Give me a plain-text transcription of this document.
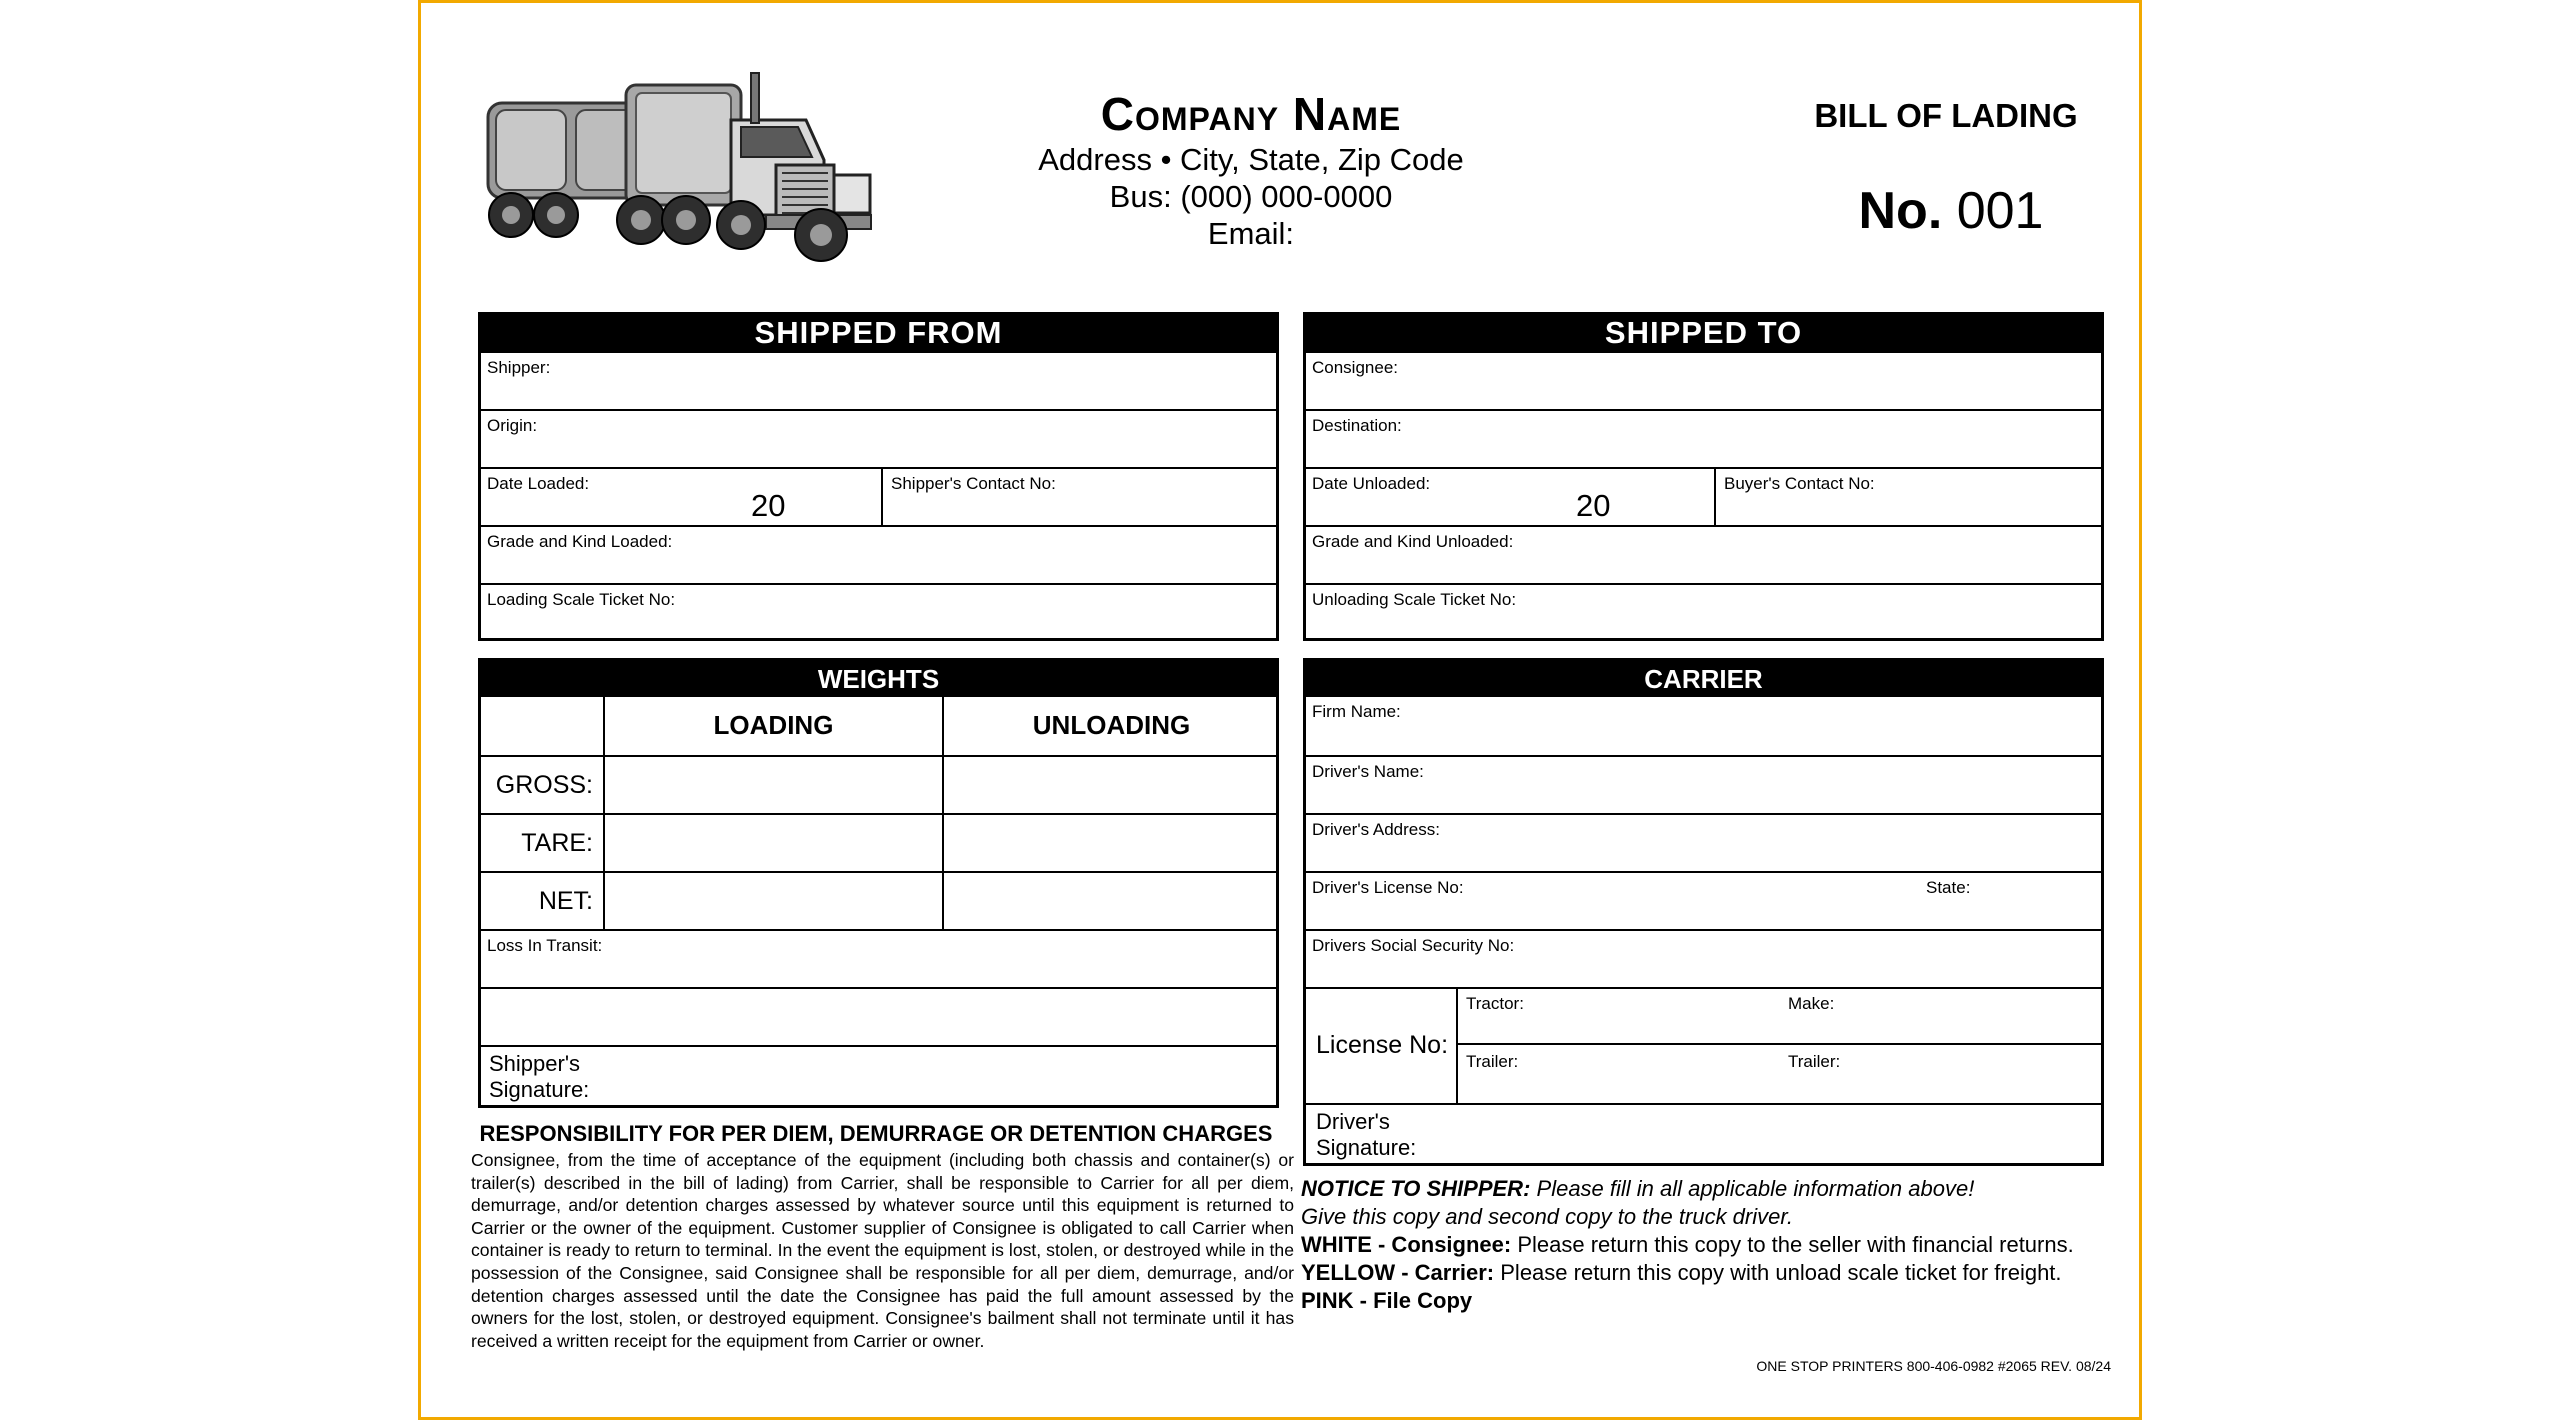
Company Name
Address • City, State, Zip Code
Bus: (000) 000-0000
Email:
BILL OF LADING
No. 001
SHIPPED FROM
Shipper:
Origin:
Date Loaded:
20
Shipper's Contact No:
Grade and Kind Loaded:
Loading Scale Ticket No:
SHIPPED TO
Consignee:
Destination:
Date Unloaded:
20
Buyer's Contact No:
Grade and Kind Unloaded:
Unloading Scale Ticket No:
WEIGHTS
LOADING	UNLOADING
GROSS:
TARE:
NET:
Loss In Transit:
Shipper's
Signature:
CARRIER
Firm Name:
Driver's Name:
Driver's Address:
Driver's License No:	State:
Drivers Social Security No:
License No:
Tractor:	Make:
Trailer:	Trailer:
Driver's
Signature:
RESPONSIBILITY FOR PER DIEM, DEMURRAGE OR DETENTION CHARGES
Consignee, from the time of acceptance of the equipment (including both chassis and container(s) or trailer(s) described in the bill of lading) from Carrier, shall be responsible to Carrier for all per diem, demurrage, and/or detention charges assessed by whatever source until this equipment is returned to Carrier or the owner of the equipment. Customer supplier of Consignee is obligated to call Carrier when container is ready to return to terminal. In the event the equipment is lost, stolen, or destroyed while in the possession of the Consignee, said Consignee shall be responsible for all per diem, demurrage, and/or detention charges assessed until the date the Consignee has paid the full amount assessed by the owners for the lost, stolen, or destroyed equipment. Consignee's bailment shall not terminate until it has received a written receipt for the equipment from Carrier or owner.
NOTICE TO SHIPPER: Please fill in all applicable information above!
Give this copy and second copy to the truck driver.
WHITE - Consignee: Please return this copy to the seller with financial returns.
YELLOW - Carrier: Please return this copy with unload scale ticket for freight.
PINK - File Copy
ONE STOP PRINTERS 800-406-0982 #2065 REV. 08/24
